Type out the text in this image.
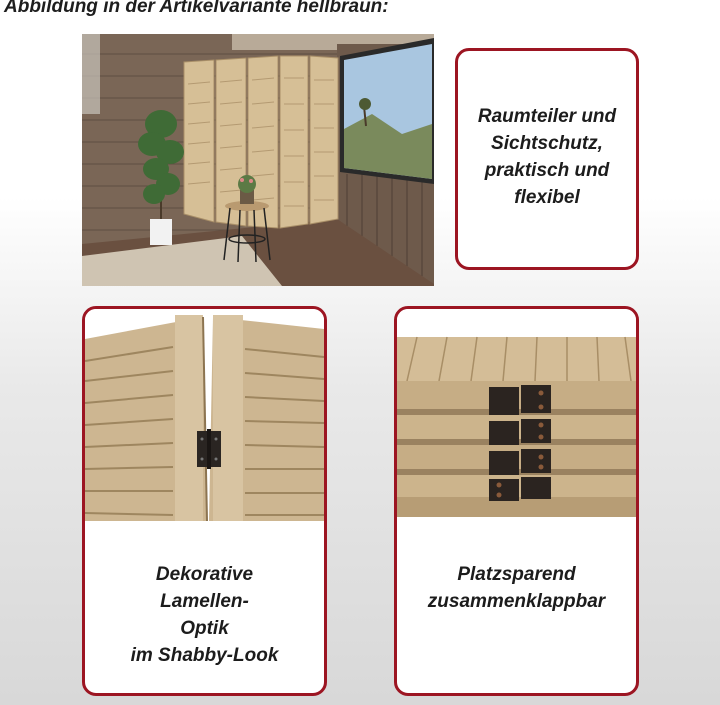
Abbildung in der Artikelvariante hellbraun:
Raumteiler und
Sichtschutz,
praktisch und
flexibel
Dekorative
Lamellen-
Optik
im Shabby-Look
Platzsparend
zusammenklappbar
